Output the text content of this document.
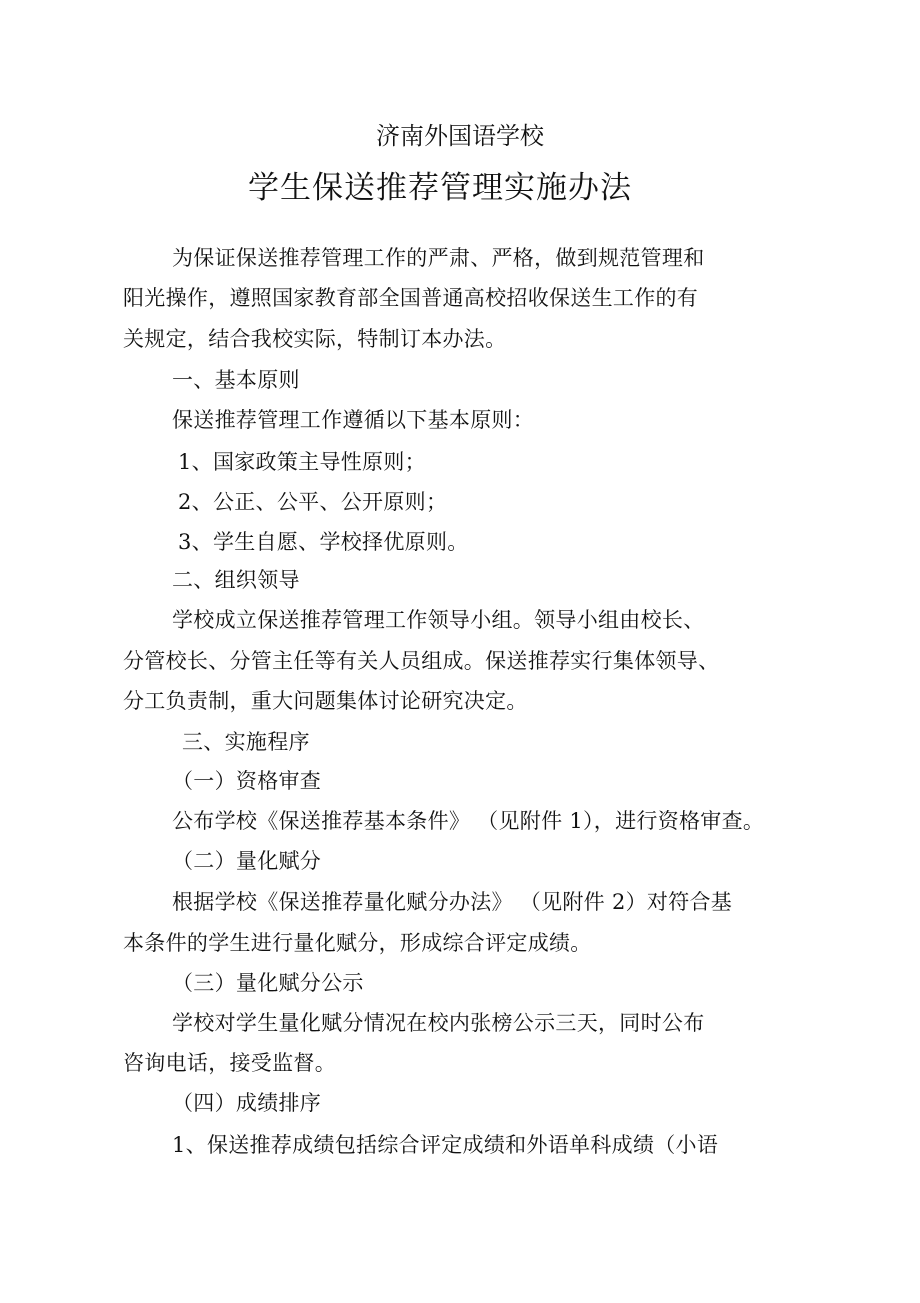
济南外国语学校
学生保送推荐管理实施办法
为保证保送推荐管理工作的严肃、严格，做到规范管理和
阳光操作，遵照国家教育部全国普通高校招收保送生工作的有
关规定，结合我校实际，特制订本办法。
一、基本原则
保送推荐管理工作遵循以下基本原则：
1、国家政策主导性原则；
2、公正、公平、公开原则；
3、学生自愿、学校择优原则。
二、组织领导
学校成立保送推荐管理工作领导小组。领导小组由校长、
分管校长、分管主任等有关人员组成。保送推荐实行集体领导、
分工负责制，重大问题集体讨论研究决定。
三、实施程序
（一）资格审查
公布学校《保送推荐基本条件》 （见附件 1），进行资格审查。
（二）量化赋分
根据学校《保送推荐量化赋分办法》 （见附件 2）对符合基
本条件的学生进行量化赋分，形成综合评定成绩。
（三）量化赋分公示
学校对学生量化赋分情况在校内张榜公示三天，同时公布
咨询电话，接受监督。
（四）成绩排序
1、保送推荐成绩包括综合评定成绩和外语单科成绩（小语
